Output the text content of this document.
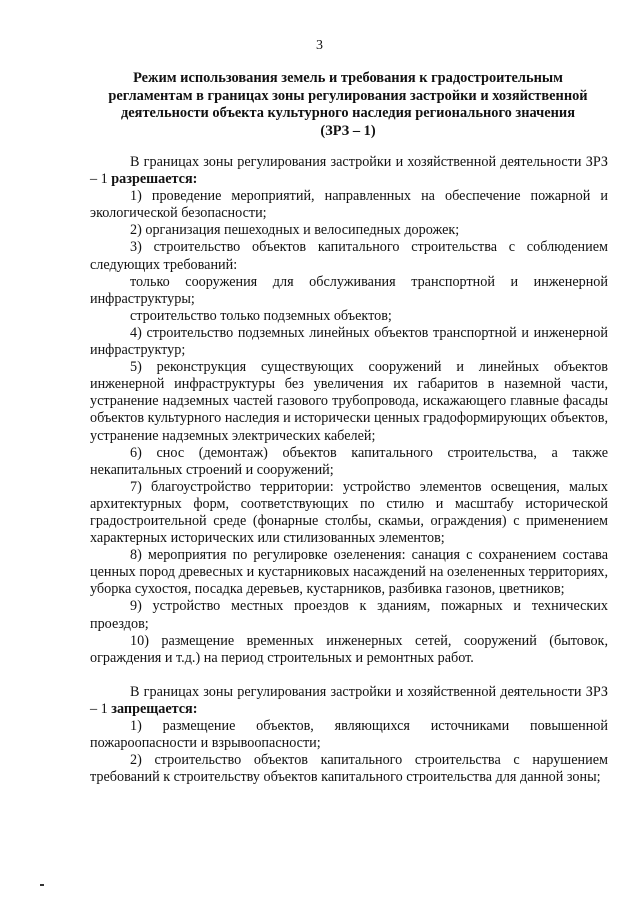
3
Режим использования земель и требования к градостроительным
регламентам в границах зоны регулирования застройки и хозяйственной
деятельности объекта культурного наследия регионального значения
(ЗРЗ – 1)

В границах зоны регулирования застройки и хозяйственной деятельности ЗРЗ – 1 разрешается:

1) проведение мероприятий, направленных на обеспечение пожарной и экологической безопасности;

2) организация пешеходных и велосипедных дорожек;

3) строительство объектов капитального строительства с соблюдением следующих требований:

только сооружения для обслуживания транспортной и инженерной инфраструктуры;

строительство только подземных объектов;

4) строительство подземных линейных объектов транспортной и инженерной инфраструктур;

5) реконструкция существующих сооружений и линейных объектов инженерной инфраструктуры без увеличения их габаритов в наземной части, устранение надземных частей газового трубопровода, искажающего главные фасады объектов культурного наследия и исторически ценных градоформирующих объектов, устранение надземных электрических кабелей;

6) снос (демонтаж) объектов капитального строительства, а также некапитальных строений и сооружений;

7) благоустройство территории: устройство элементов освещения, малых архитектурных форм, соответствующих по стилю и масштабу исторической градостроительной среде (фонарные столбы, скамьи, ограждения) с применением характерных исторических или стилизованных элементов;

8) мероприятия по регулировке озеленения: санация с сохранением состава ценных пород древесных и кустарниковых насаждений на озелененных территориях, уборка сухостоя, посадка деревьев, кустарников, разбивка газонов, цветников;

9) устройство местных проездов к зданиям, пожарных и технических проездов;

10) размещение временных инженерных сетей, сооружений (бытовок, ограждения и т.д.) на период строительных и ремонтных работ.

В границах зоны регулирования застройки и хозяйственной деятельности ЗРЗ – 1 запрещается:

1) размещение объектов, являющихся источниками повышенной пожароопасности и взрывоопасности;

2) строительство объектов капитального строительства с нарушением требований к строительству объектов капитального строительства для данной зоны;
